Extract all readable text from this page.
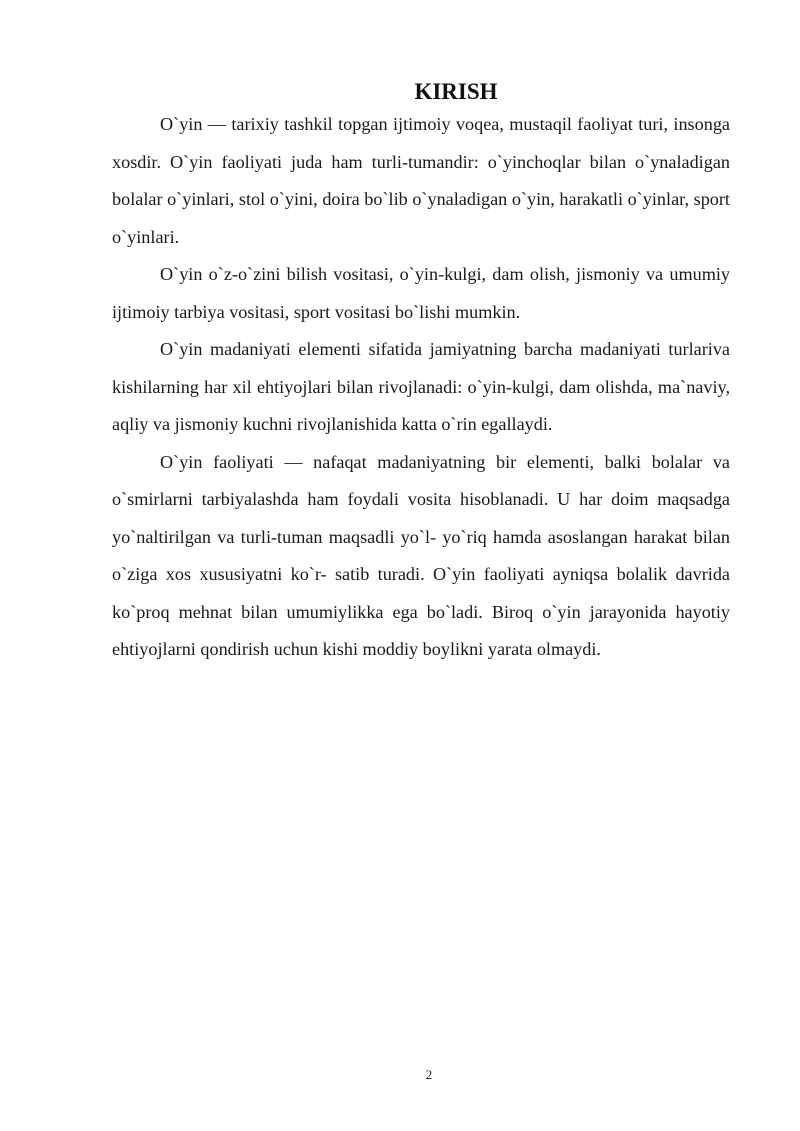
KIRISH

O`yin — tarixiy tashkil topgan ijtimoiy voqea, mustaqil faoliyat turi, insonga xosdir. O`yin faoliyati juda ham turli-tumandir: o`yinchoqlar bilan o`ynaladigan bolalar o`yinlari, stol o`yini, doira bo`lib o`ynaladigan o`yin, harakatli o`yinlar, sport o`yinlari.

O`yin o`z-o`zini bilish vositasi, o`yin-kulgi, dam olish, jismoniy va umumiy ijtimoiy tarbiya vositasi, sport vositasi bo`lishi mumkin.

O`yin madaniyati elementi sifatida jamiyatning barcha madaniyati turlariva kishilarning har xil ehtiyojlari bilan rivojlanadi: o`yin-kulgi, dam olishda, ma`naviy, aqliy va jismoniy kuchni rivojlanishida katta o`rin egallaydi.

O`yin faoliyati — nafaqat madaniyatning bir elementi, balki bolalar va o`smirlarni tarbiyalashda ham foydali vosita hisoblanadi. U har doim maqsadga yo`naltirilgan va turli-tuman maqsadli yo`l- yo`riq hamda asoslangan harakat bilan o`ziga xos xususiyatni ko`r- satib turadi. O`yin faoliyati ayniqsa bolalik davrida ko`proq mehnat bilan umumiylikka ega bo`ladi. Biroq o`yin jarayonida hayotiy ehtiyojlarni qondirish uchun kishi moddiy boylikni yarata olmaydi.

2
